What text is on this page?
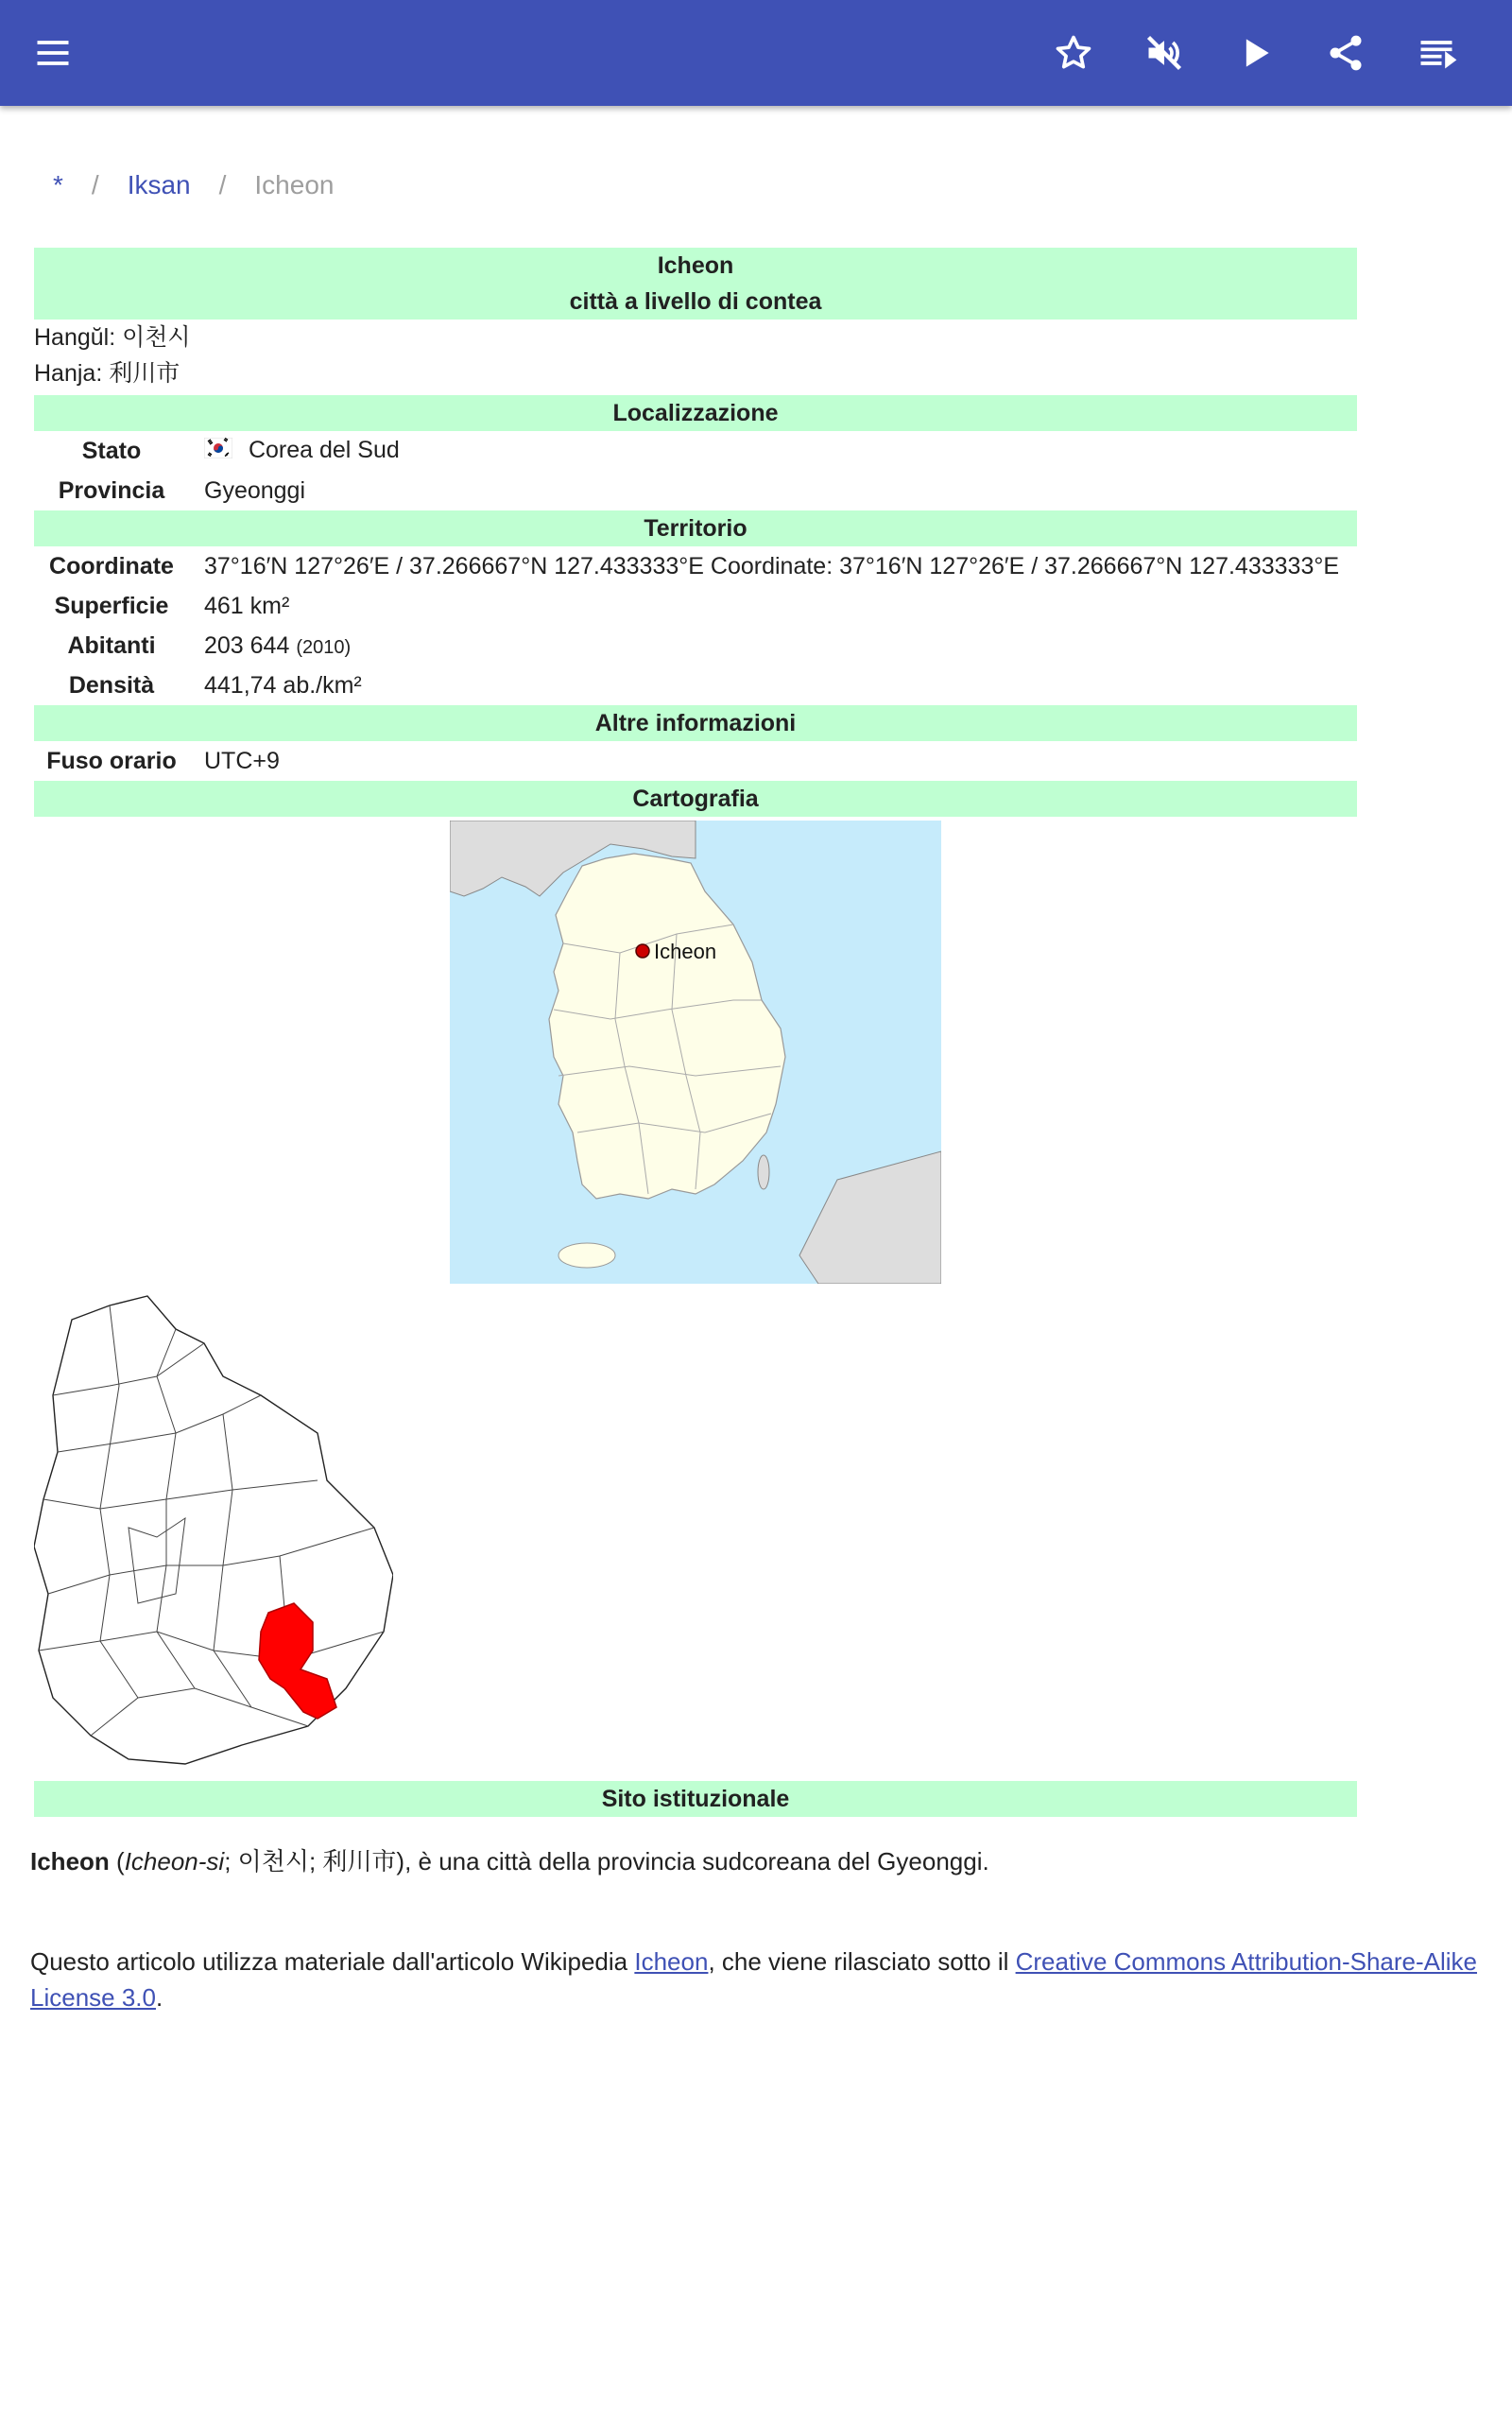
* / Iksan / Icheon
Icheon
città a livello di contea
Hangŭl: 이천시
Hanja: 利川市
Localizzazione
Stato	Corea del Sud
Provincia	Gyeonggi
Territorio
Coordinate	37°16′N 127°26′E / 37.266667°N 127.433333°E Coordinate: 37°16′N 127°26′E / 37.266667°N 127.433333°E
Superficie	461 km²
Abitanti	203 644 (2010)
Densità	441,74 ab./km²
Altre informazioni
Fuso orario	UTC+9
Cartografia
Icheon
Sito istituzionale

Icheon (Icheon-si; 이천시; 利川市), è una città della provincia sudcoreana del Gyeonggi.

Questo articolo utilizza materiale dall'articolo Wikipedia Icheon, che viene rilasciato sotto il Creative Commons Attribution-Share-Alike License 3.0.
